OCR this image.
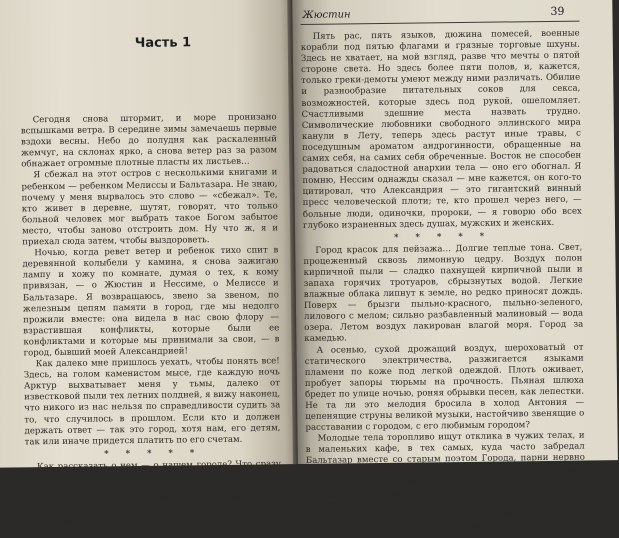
Часть 1

Сегодня снова штормит, и море пронизано вспышками ветра. В середине зимы замечаешь первые вздохи весны. Небо до полудня как раскаленный жемчуг, на склонах ярко, а снова ветер раз за разом обнажает огромные плотные пласты их листьев…

Я сбежал на этот остров с несколькими книгами и ребенком — ребенком Мелиссы и Бальтазара. Не знаю, почему у меня вырвалось это слово — «сбежал». Те, кто живет в деревне, шутят, говорят, что только больной человек мог выбрать такое Богом забытое место, чтобы заново отстроить дом. Ну что ж, я и приехал сюда затем, чтобы выздороветь.

Ночью, когда ревет ветер и ребенок тихо спит в деревянной колыбели у камина, я снова зажигаю лампу и хожу по комнате, думая о тех, к кому привязан, — о Жюстин и Нессиме, о Мелиссе и Бальтазаре. Я возвращаюсь, звено за звеном, по железным цепям памяти в город, где мы недолго прожили вместе: она видела в нас свою флору — взрастившая конфликты, которые были ее конфликтами и которые мы принимали за свои, — в город, бывший моей Александрией!

Как далеко мне пришлось уехать, чтобы понять все! Здесь, на голом каменистом мысе, где каждую ночь Арктур выхватывает меня у тьмы, далеко от известковой пыли тех летних полдней, я вижу наконец, что никого из нас нельзя по справедливости судить за то, что случилось в прошлом. Если кто и должен держать ответ — так это город, хотя нам, его детям, так или иначе придется платить по его счетам.

* * * * *

Как рассказать о нем — о нашем городе? Что сразу приходит на ум — Александрия? Вспышка — и крохотный кинофильм памяти: тысячи мертвых улиц, словно бы и не мною исхоженных; и почему-то так легко представить себя там сегодня — и те, кто в состоянии с ними ужиться.

Жюстин	39

Пять рас, пять языков, дюжина помесей, военные корабли под пятью флагами и грязные торговые шхуны. Здесь не хватает, на мой взгляд, разве что мечты о пятой стороне света. Но здесь более пяти полов, и, кажется, только греки-демоты умеют между ними различать. Обилие и разнообразие питательных соков для секса, возможностей, которые здесь под рукой, ошеломляет. Счастливыми здешние места назвать трудно. Символические любовники свободного эллинского мира канули в Лету, теперь здесь растут иные травы, с поседушным ароматом андрогинности, обращенные на самих себя, на самих себя обреченные. Восток не способен радоваться сладостной анархии тела — оно его обогнал. Я помню, Нессим однажды сказал — мне кажется, он кого-то цитировал, что Александрия — это гигантский винный пресс человеческой плоти; те, кто прошел через него, — больные люди, одиночки, пророки, — я говорю обо всех глубоко израненных здесь душах, мужских и женских.

* * * * *

Город красок для пейзажа… Долгие теплые тона. Свет, процеженный сквозь лимонную цедру. Воздух полон кирпичной пыли — сладко пахнущей кирпичной пыли и запаха горячих тротуаров, сбрызнутых водой. Легкие влажные облака липнут к земле, но редко приносят дождь. Поверх — брызги пыльно-красного, пыльно-зеленого, лилового с мелом; сильно разбавленный малиновый — вода озера. Летом воздух лакирован влагой моря. Город за камедью.

А осенью, сухой дрожащий воздух, шероховатый от статического электричества, разжигается языками пламени по коже под легкой одеждой. Плоть оживает, пробует запоры тюрьмы на прочность. Пьяная шлюха бредет по улице ночью, роняя обрывки песен, как лепестки. Не та ли это мелодия бросила в холод Антония — цепенящие струны великой музыки, настойчиво звенящие о расставании с городом, с его любимым городом?

Молодые тела торопливо ищут отклика в чужих телах, и в маленьких кафе, в тех самых, куда часто забредал Бальтазар вместе со старым поэтом Города, парни нервно сутятся над триктраком под керосиновыми лампами, взбудораженные сухим пустынным ветром — это совершенно неромантичное зрелище, — суетятся и оборачиваются навстречу каждому входящему. Они ведут игру за той, которой в холодном земном поцелуе отслеживают прибыт невидимые известия.
